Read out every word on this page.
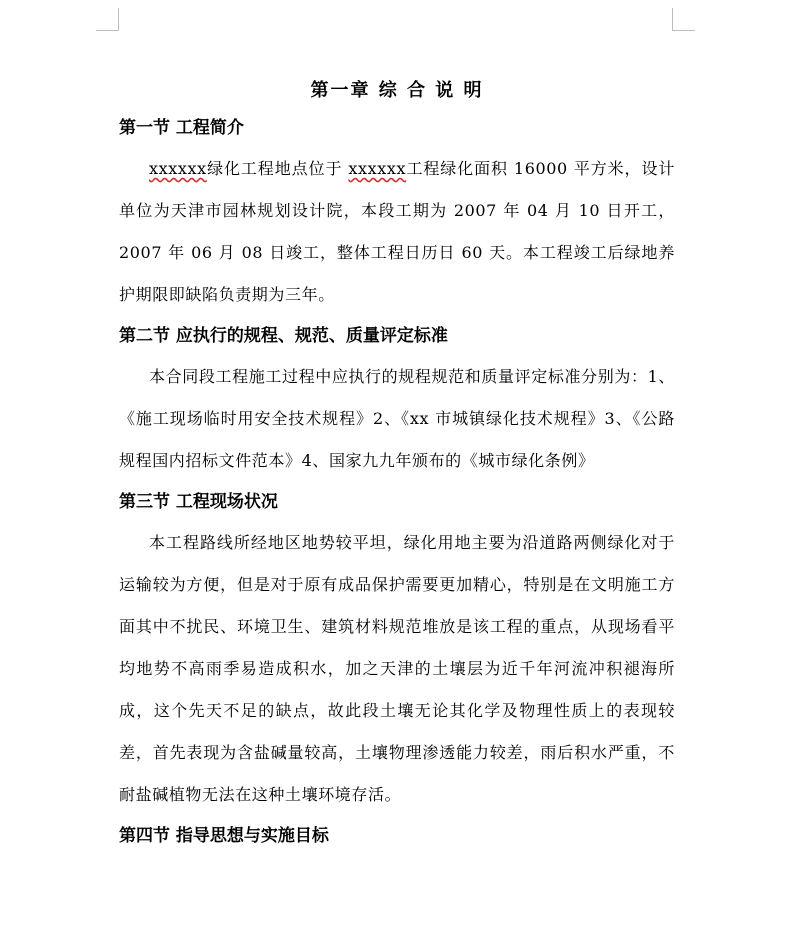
第一章 综 合 说 明
第一节 工程简介

xxxxxx绿化工程地点位于 xxxxxx工程绿化面积 16000 平方米，设计单位为天津市园林规划设计院，本段工期为 2007 年 04 月 10 日开工，2007 年 06 月 08 日竣工，整体工程日历日 60 天。本工程竣工后绿地养护期限即缺陷负责期为三年。

第二节 应执行的规程、规范、质量评定标准

本合同段工程施工过程中应执行的规程规范和质量评定标准分别为：1、《施工现场临时用安全技术规程》2、《xx 市城镇绿化技术规程》3、《公路规程国内招标文件范本》4、国家九九年颁布的《城市绿化条例》

第三节 工程现场状况

本工程路线所经地区地势较平坦，绿化用地主要为沿道路两侧绿化对于运输较为方便，但是对于原有成品保护需要更加精心，特别是在文明施工方面其中不扰民、环境卫生、建筑材料规范堆放是该工程的重点，从现场看平均地势不高雨季易造成积水，加之天津的土壤层为近千年河流冲积褪海所成，这个先天不足的缺点，故此段土壤无论其化学及物理性质上的表现较差，首先表现为含盐碱量较高，土壤物理渗透能力较差，雨后积水严重，不耐盐碱植物无法在这种土壤环境存活。

第四节 指导思想与实施目标
